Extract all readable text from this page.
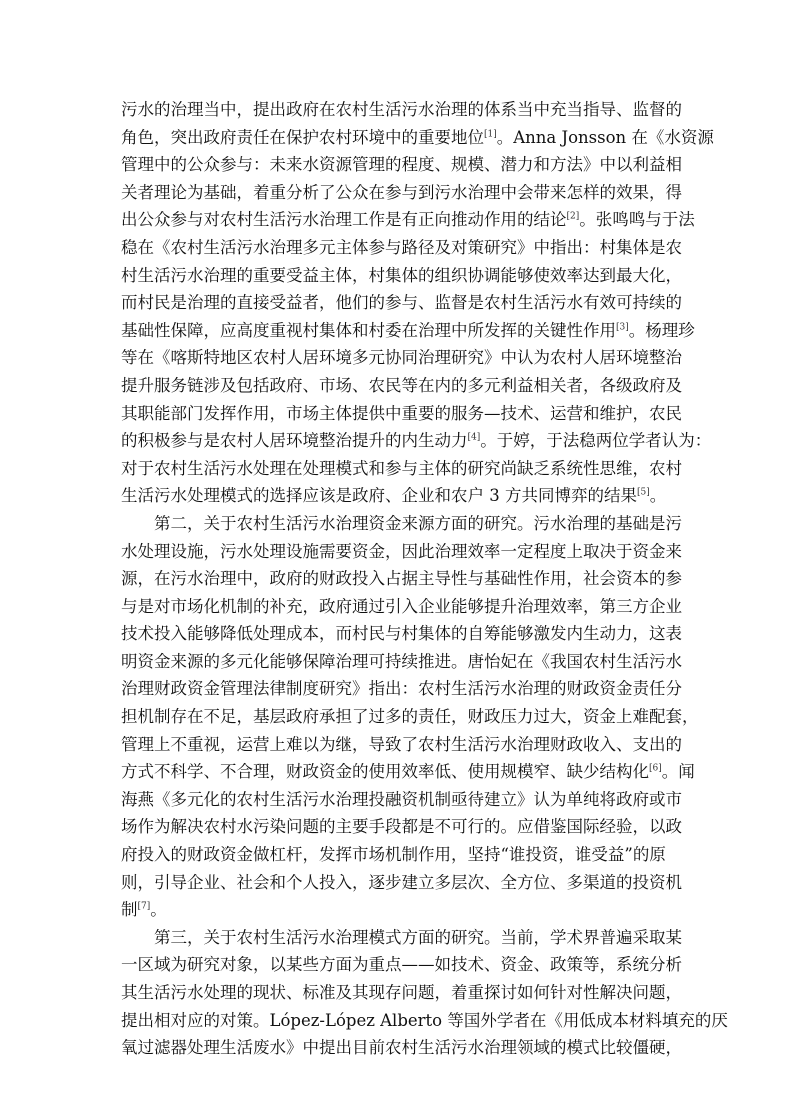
污水的治理当中，提出政府在农村生活污水治理的体系当中充当指导、监督的
角色，突出政府责任在保护农村环境中的重要地位[1]。Anna Jonsson 在《水资源
管理中的公众参与：未来水资源管理的程度、规模、潜力和方法》中以利益相
关者理论为基础，着重分析了公众在参与到污水治理中会带来怎样的效果，得
出公众参与对农村生活污水治理工作是有正向推动作用的结论[2]。张鸣鸣与于法
稳在《农村生活污水治理多元主体参与路径及对策研究》中指出：村集体是农
村生活污水治理的重要受益主体，村集体的组织协调能够使效率达到最大化，
而村民是治理的直接受益者，他们的参与、监督是农村生活污水有效可持续的
基础性保障，应高度重视村集体和村委在治理中所发挥的关键性作用[3]。杨理珍
等在《喀斯特地区农村人居环境多元协同治理研究》中认为农村人居环境整治
提升服务链涉及包括政府、市场、农民等在内的多元利益相关者，各级政府及
其职能部门发挥作用，市场主体提供中重要的服务—技术、运营和维护，农民
的积极参与是农村人居环境整治提升的内生动力[4]。于婷，于法稳两位学者认为：
对于农村生活污水处理在处理模式和参与主体的研究尚缺乏系统性思维，农村
生活污水处理模式的选择应该是政府、企业和农户 3 方共同博弈的结果[5]。
第二，关于农村生活污水治理资金来源方面的研究。污水治理的基础是污
水处理设施，污水处理设施需要资金，因此治理效率一定程度上取决于资金来
源，在污水治理中，政府的财政投入占据主导性与基础性作用，社会资本的参
与是对市场化机制的补充，政府通过引入企业能够提升治理效率，第三方企业
技术投入能够降低处理成本，而村民与村集体的自筹能够激发内生动力，这表
明资金来源的多元化能够保障治理可持续推进。唐怡妃在《我国农村生活污水
治理财政资金管理法律制度研究》指出：农村生活污水治理的财政资金责任分
担机制存在不足，基层政府承担了过多的责任，财政压力过大，资金上难配套，
管理上不重视，运营上难以为继，导致了农村生活污水治理财政收入、支出的
方式不科学、不合理，财政资金的使用效率低、使用规模窄、缺少结构化[6]。闻
海燕《多元化的农村生活污水治理投融资机制亟待建立》认为单纯将政府或市
场作为解决农村水污染问题的主要手段都是不可行的。应借鉴国际经验，以政
府投入的财政资金做杠杆，发挥市场机制作用，坚持“谁投资，谁受益”的原
则，引导企业、社会和个人投入，逐步建立多层次、全方位、多渠道的投资机
制[7]。
第三，关于农村生活污水治理模式方面的研究。当前，学术界普遍采取某
一区域为研究对象，以某些方面为重点——如技术、资金、政策等，系统分析
其生活污水处理的现状、标准及其现存问题，着重探讨如何针对性解决问题，
提出相对应的对策。López-López Alberto 等国外学者在《用低成本材料填充的厌
氧过滤器处理生活废水》中提出目前农村生活污水治理领域的模式比较僵硬，
